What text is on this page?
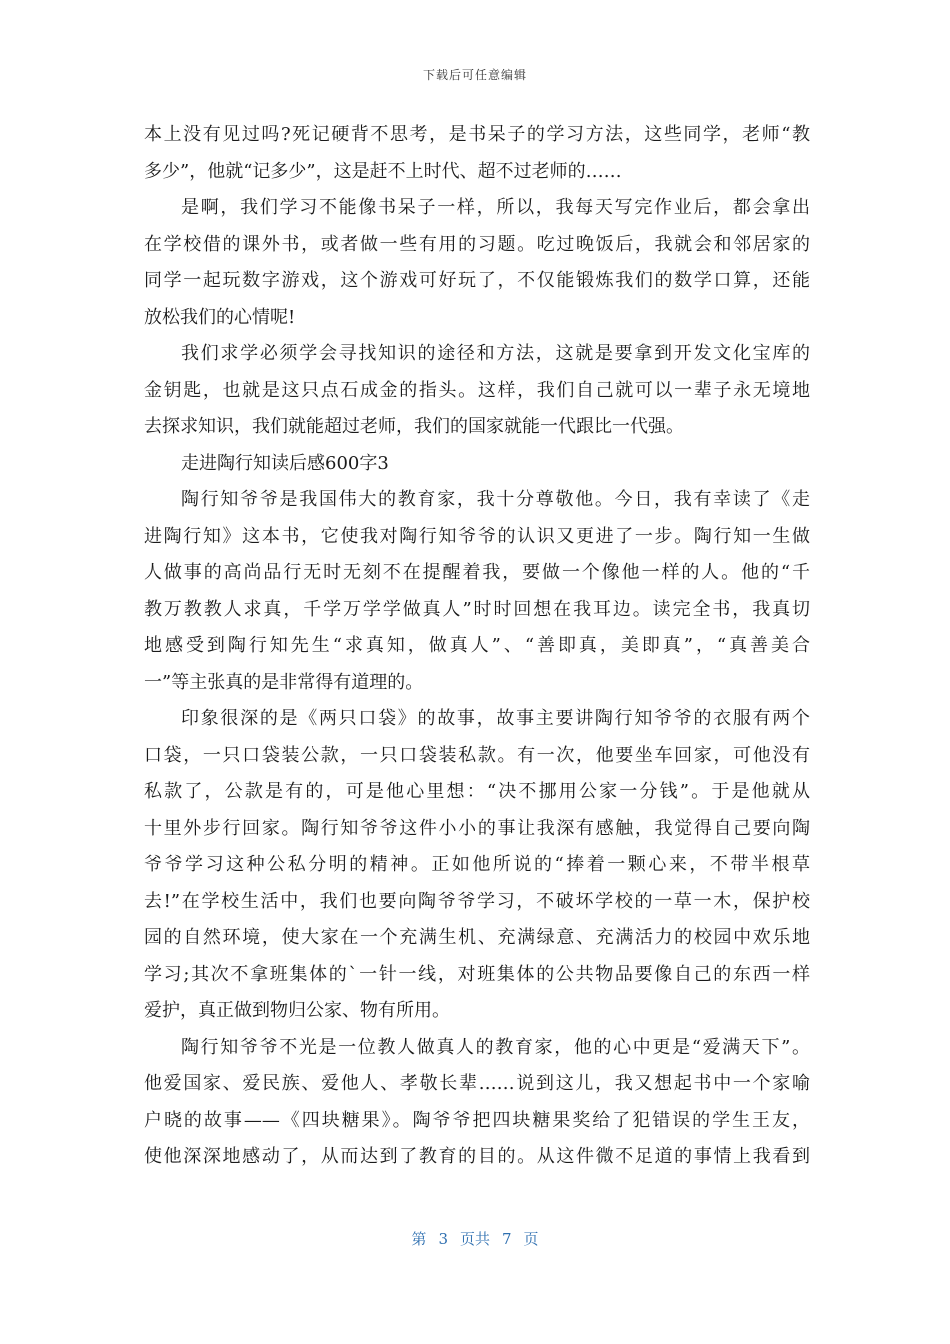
下载后可任意编辑
本上没有见过吗?死记硬背不思考，是书呆子的学习方法，这些同学，老师“教
多少”，他就“记多少”，这是赶不上时代、超不过老师的……
是啊，我们学习不能像书呆子一样，所以，我每天写完作业后，都会拿出
在学校借的课外书，或者做一些有用的习题。吃过晚饭后，我就会和邻居家的
同学一起玩数字游戏，这个游戏可好玩了，不仅能锻炼我们的数学口算，还能
放松我们的心情呢!
我们求学必须学会寻找知识的途径和方法，这就是要拿到开发文化宝库的
金钥匙，也就是这只点石成金的指头。这样，我们自己就可以一辈子永无境地
去探求知识，我们就能超过老师，我们的国家就能一代跟比一代强。
走进陶行知读后感600字3
陶行知爷爷是我国伟大的教育家，我十分尊敬他。今日，我有幸读了《走
进陶行知》这本书，它使我对陶行知爷爷的认识又更进了一步。陶行知一生做
人做事的高尚品行无时无刻不在提醒着我，要做一个像他一样的人。他的“千
教万教教人求真，千学万学学做真人”时时回想在我耳边。读完全书，我真切
地感受到陶行知先生“求真知，做真人”、“善即真，美即真”，“真善美合
一”等主张真的是非常得有道理的。
印象很深的是《两只口袋》的故事，故事主要讲陶行知爷爷的衣服有两个
口袋，一只口袋装公款，一只口袋装私款。有一次，他要坐车回家，可他没有
私款了，公款是有的，可是他心里想：“决不挪用公家一分钱”。于是他就从
十里外步行回家。陶行知爷爷这件小小的事让我深有感触，我觉得自己要向陶
爷爷学习这种公私分明的精神。正如他所说的“捧着一颗心来，不带半根草
去!”在学校生活中，我们也要向陶爷爷学习，不破坏学校的一草一木，保护校
园的自然环境，使大家在一个充满生机、充满绿意、充满活力的校园中欢乐地
学习;其次不拿班集体的`一针一线，对班集体的公共物品要像自己的东西一样
爱护，真正做到物归公家、物有所用。
陶行知爷爷不光是一位教人做真人的教育家，他的心中更是“爱满天下”。
他爱国家、爱民族、爱他人、孝敬长辈……说到这儿，我又想起书中一个家喻
户晓的故事——《四块糖果》。陶爷爷把四块糖果奖给了犯错误的学生王友，
使他深深地感动了，从而达到了教育的目的。从这件微不足道的事情上我看到
第 3 页共 7 页
